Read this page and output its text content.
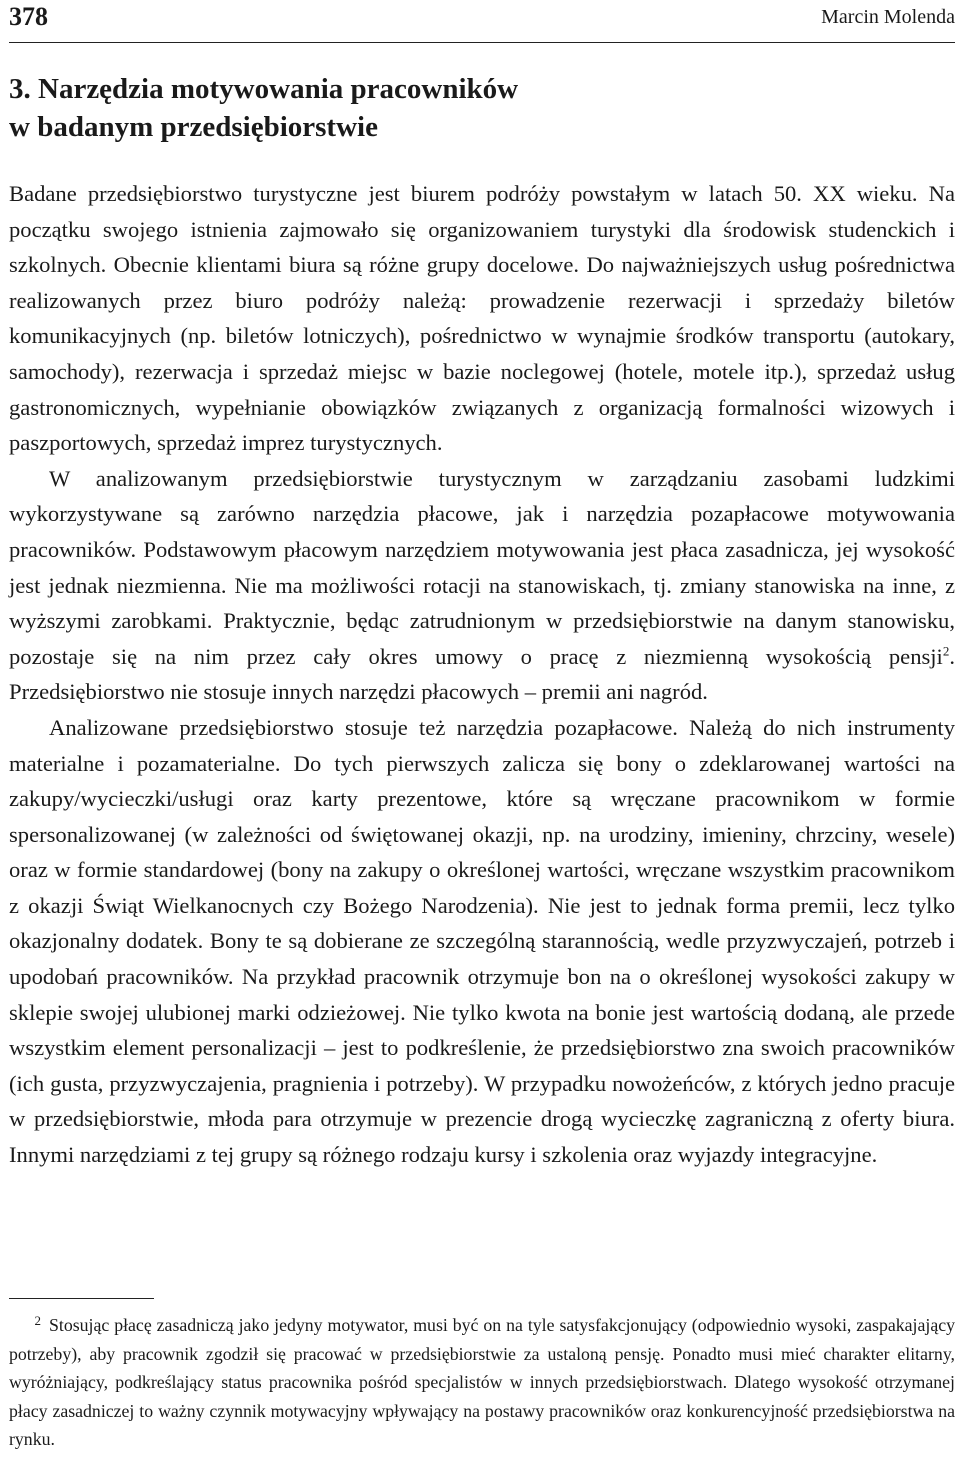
378	Marcin Molenda
3. Narzędzia motywowania pracowników
w badanym przedsiębiorstwie

Badane przedsiębiorstwo turystyczne jest biurem podróży powstałym w latach 50. XX wieku. Na początku swojego istnienia zajmowało się organizowaniem turystyki dla środowisk studenckich i szkolnych. Obecnie klientami biura są różne grupy docelowe. Do najważniejszych usług pośrednictwa realizowanych przez biuro podróży należą: prowadzenie rezerwacji i sprzedaży biletów komunikacyjnych (np. biletów lotniczych), pośrednictwo w wynajmie środków transportu (autokary, samochody), rezerwacja i sprzedaż miejsc w bazie noclegowej (hotele, motele itp.), sprzedaż usług gastronomicznych, wypełnianie obowiązków związanych z organizacją formalności wizowych i paszportowych, sprzedaż imprez turystycznych.

W analizowanym przedsiębiorstwie turystycznym w zarządzaniu zasobami ludzkimi wykorzystywane są zarówno narzędzia płacowe, jak i narzędzia pozapłacowe motywowania pracowników. Podstawowym płacowym narzędziem motywowania jest płaca zasadnicza, jej wysokość jest jednak niezmienna. Nie ma możliwości rotacji na stanowiskach, tj. zmiany stanowiska na inne, z wyższymi zarobkami. Praktycznie, będąc zatrudnionym w przedsiębiorstwie na danym stanowisku, pozostaje się na nim przez cały okres umowy o pracę z niezmienną wysokością pensji$^2$. Przedsiębiorstwo nie stosuje innych narzędzi płacowych – premii ani nagród.

Analizowane przedsiębiorstwo stosuje też narzędzia pozapłacowe. Należą do nich instrumenty materialne i pozamaterialne. Do tych pierwszych zalicza się bony o zdeklarowanej wartości na zakupy/wycieczki/usługi oraz karty prezentowe, które są wręczane pracownikom w formie spersonalizowanej (w zależności od świętowanej okazji, np. na urodziny, imieniny, chrzciny, wesele) oraz w formie standardowej (bony na zakupy o określonej wartości, wręczane wszystkim pracownikom z okazji Świąt Wielkanocnych czy Bożego Narodzenia). Nie jest to jednak forma premii, lecz tylko okazjonalny dodatek. Bony te są dobierane ze szczególną starannością, wedle przyzwyczajeń, potrzeb i upodobań pracowników. Na przykład pracownik otrzymuje bon na o określonej wysokości zakupy w sklepie swojej ulubionej marki odzieżowej. Nie tylko kwota na bonie jest wartością dodaną, ale przede wszystkim element personalizacji – jest to podkreślenie, że przedsiębiorstwo zna swoich pracowników (ich gusta, przyzwyczajenia, pragnienia i potrzeby). W przypadku nowożeńców, z których jedno pracuje w przedsiębiorstwie, młoda para otrzymuje w prezencie drogą wycieczkę zagraniczną z oferty biura. Innymi narzędziami z tej grupy są różnego rodzaju kursy i szkolenia oraz wyjazdy integracyjne.

2 Stosując płacę zasadniczą jako jedyny motywator, musi być on na tyle satysfakcjonujący (odpowiednio wysoki, zaspakajający potrzeby), aby pracownik zgodził się pracować w przedsiębiorstwie za ustaloną pensję. Ponadto musi mieć charakter elitarny, wyróżniający, podkreślający status pracownika pośród specjalistów w innych przedsiębiorstwach. Dlatego wysokość otrzymanej płacy zasadniczej to ważny czynnik motywacyjny wpływający na postawy pracowników oraz konkurencyjność przedsiębiorstwa na rynku.
